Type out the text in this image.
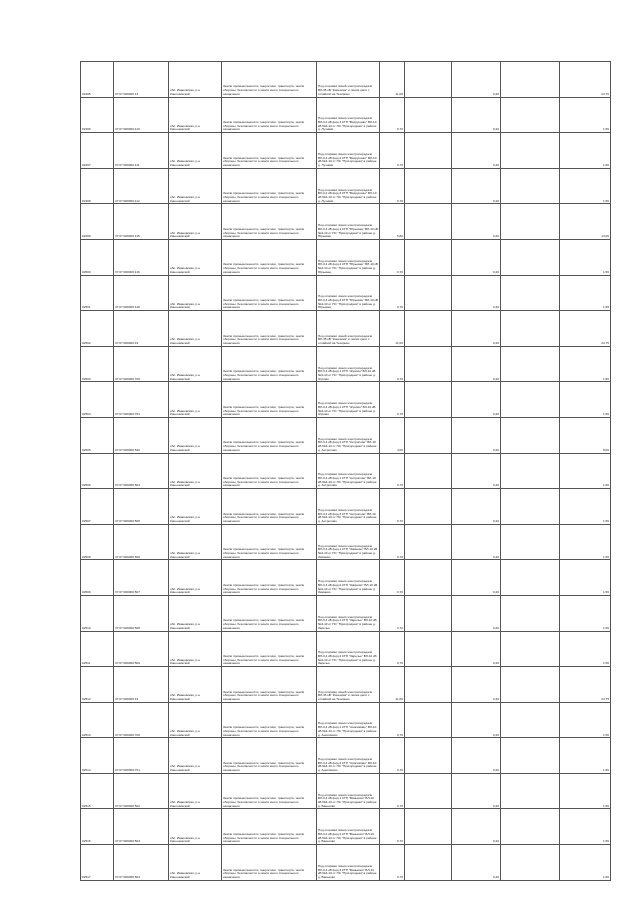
02495	37:07:000000:13	обл. Ивановская, р-н Кинешемский	Земли промышленности, энергетики, транспорта, земли обороны, безопасности и земли иного специального назначения	Под опорами линий электропередачи ВЛ-35 кВ "Кинешма" и линия цепи с отпайкой на Тезирево	11,00		0,20		24,70
02496	37:07:000000:110	обл. Ивановская, р-н Кинешемский	Земли промышленности, энергетики, транспорта, земли обороны, безопасности и земли иного специального назначения	Под опорами линии электропередачи ВЛ-0,4 кВ фид.4 КТП "Вахрушево" ВЛ-10 кВ №4-10 от ПС "Пригородная" в районе д. Лучники	0,70		0,20		1,56
02497	37:07:000000:111	обл. Ивановская, р-н Кинешемский	Земли промышленности, энергетики, транспорта, земли обороны, безопасности и земли иного специального назначения	Под опорами линии электропередачи ВЛ-0,4 кВ фид.2 КТП "Вахрушево" ВЛ-10 кВ №4-10 от ПС "Пригородная" в районе д. Лучники	0,70		0,20		1,56
02498	37:07:000000:112	обл. Ивановская, р-н Кинешемский	Земли промышленности, энергетики, транспорта, земли обороны, безопасности и земли иного специального назначения	Под опорами линии электропередачи ВЛ-0,4 кВ фид.3 КТП "Вахрушево" ВЛ-10 кВ №4-10 от ПС "Пригородная" в районе д. Лучники	0,70		0,20		1,56
02499	37:07:000000:115	обл. Ивановская, р-н Кинешемский	Земли промышленности, энергетики, транспорта, земли обороны, безопасности и земли иного специального назначения	Под опорами линии электропередачи ВЛ-0,4 кВ фид.1 КТП "Юрьевец" ВЛ-10 кВ №4-10 от ПС "Пригородная" в районе д. Юрьевец	5,80		0,20		13,05
02500	37:07:000000:116	обл. Ивановская, р-н Кинешемский	Земли промышленности, энергетики, транспорта, земли обороны, безопасности и земли иного специального назначения	Под опорами линии электропередачи ВЛ-0,4 кВ фид.2 КТП "Юрьевец" ВЛ-10 кВ №4-10 от ПС "Пригородная" в районе д. Юрьевец	0,70		0,20		1,56
02501	37:07:000000:118	обл. Ивановская, р-н Кинешемский	Земли промышленности, энергетики, транспорта, земли обороны, безопасности и земли иного специального назначения	Под опорами линии электропередачи ВЛ-0,4 кВ фид.3 КТП "Юрьевец" ВЛ-10 кВ №4-10 от ПС "Пригородная" в районе д. Юрьевец	0,70		0,20		1,56
02502	37:07:000000:19	обл. Ивановская, р-н Кинешемский	Земли промышленности, энергетики, транспорта, земли обороны, безопасности и земли иного специального назначения	Под опорами линий электропередачи ВЛ-35 кВ "Кинешма" и линия цепи с отпайкой на Тезирево	11,00		0,20		24,75
02503	37:07:000000:700	обл. Ивановская, р-н Кинешемский	Земли промышленности, энергетики, транспорта, земли обороны, безопасности и земли иного специального назначения	Под опорами линии электропередачи ВЛ-0,4 кВ фид.1 КТП "Жуково" ВЛ-10 кВ №4-10 от ПС "Пригородная" в районе д. Жуково	0,70		0,20		1,56
02504	37:07:000000:701	обл. Ивановская, р-н Кинешемский	Земли промышленности, энергетики, транспорта, земли обороны, безопасности и земли иного специального назначения	Под опорами линии электропередачи ВЛ-0,4 кВ фид.1 КТП "Жуково" ВЛ-10 кВ №4-10 от ПС "Пригородная" в районе д. Жуково	0,70		0,20		1,56
02505	37:07:000000:520	обл. Ивановская, р-н Кинешемский	Земли промышленности, энергетики, транспорта, земли обороны, безопасности и земли иного специального назначения	Под опорами линии электропередачи ВЛ-0,4 кВ фид.2 КТП "Антропово" ВЛ-10 кВ №4-10 от ПС "Пригородная" в районе д. Антропово	4,00		0,20		9,00
02506	37:07:000000:504	обл. Ивановская, р-н Кинешемский	Земли промышленности, энергетики, транспорта, земли обороны, безопасности и земли иного специального назначения	Под опорами линии электропередачи ВЛ-0,4 кВ фид.1 КТП "Антропово" ВЛ-10 кВ №4-10 от ПС "Пригородная" в районе д. Антропово	0,70		0,20		1,56
02507	37:07:000000:505	обл. Ивановская, р-н Кинешемский	Земли промышленности, энергетики, транспорта, земли обороны, безопасности и земли иного специального назначения	Под опорами линии электропередачи ВЛ-0,4 кВ фид.3 КТП "Антропово" ВЛ-10 кВ №4-10 от ПС "Пригородная" в районе д. Антропово	0,70		0,20		1,56
02508	37:07:000000:506	обл. Ивановская, р-н Кинешемский	Земли промышленности, энергетики, транспорта, земли обороны, безопасности и земли иного специального назначения	Под опорами линии электропередачи ВЛ-0,4 кВ фид.1 КТП "Зимнево" ВЛ-10 кВ №4-10 от ПС "Пригородная" в районе д. Зимнево	0,70		0,20		1,56
02509	37:07:000000:507	обл. Ивановская, р-н Кинешемский	Земли промышленности, энергетики, транспорта, земли обороны, безопасности и земли иного специального назначения	Под опорами линии электропередачи ВЛ-0,4 кВ фид.2 КТП "Зимнево" ВЛ-10 кВ №4-10 от ПС "Пригородная" в районе д. Зимнево	0,70		0,20		1,56
02510	37:07:000000:508	обл. Ивановская, р-н Кинешемский	Земли промышленности, энергетики, транспорта, земли обороны, безопасности и земли иного специального назначения	Под опорами линии электропередачи ВЛ-0,4 кВ фид.1 КТП "Заречье" ВЛ-10 кВ №4-10 от ПС "Пригородная" в районе д. Заречье	0,70		0,20		1,56
02511	37:07:000000:509	обл. Ивановская, р-н Кинешемский	Земли промышленности, энергетики, транспорта, земли обороны, безопасности и земли иного специального назначения	Под опорами линии электропередачи ВЛ-0,4 кВ фид.2 КТП "Заречье" ВЛ-10 кВ №4-10 от ПС "Пригородная" в районе д. Заречье	0,70		0,20		1,56
02512	37:07:000000:19	обл. Ивановская, р-н Кинешемский	Земли промышленности, энергетики, транспорта, земли обороны, безопасности и земли иного специального назначения	Под опорами линий электропередачи ВЛ-35 кВ "Кинешма" и линия цепи с отпайкой на Тезирево	11,00		0,20		24,75
02513	37:07:000000:700	обл. Ивановская, р-н Кинешемский	Земли промышленности, энергетики, транспорта, земли обороны, безопасности и земли иного специального назначения	Под опорами линии электропередачи ВЛ-0,4 кВ фид.1 КТП "Анисимово" ВЛ-10 кВ №4-10 от ПС "Пригородная" в районе д. Анисимово	0,70		0,20		1,56
02514	37:07:000000:701	обл. Ивановская, р-н Кинешемский	Земли промышленности, энергетики, транспорта, земли обороны, безопасности и земли иного специального назначения	Под опорами линии электропередачи ВЛ-0,4 кВ фид.2 КТП "Анисимово" ВЛ-10 кВ №4-10 от ПС "Пригородная" в районе д. Анисимово	0,70		0,20		1,56
02515	37:07:000000:502	обл. Ивановская, р-н Кинешемский	Земли промышленности, энергетики, транспорта, земли обороны, безопасности и земли иного специального назначения	Под опорами линии электропередачи ВЛ-0,4 кВ фид.1 КТП "Ваньково" ВЛ-10 кВ №4-10 от ПС "Пригородная" в районе д. Ваньково	0,70		0,20		1,56
02516	37:07:000000:503	обл. Ивановская, р-н Кинешемский	Земли промышленности, энергетики, транспорта, земли обороны, безопасности и земли иного специального назначения	Под опорами линии электропередачи ВЛ-0,4 кВ фид.2 КТП "Ваньково" ВЛ-10 кВ №4-10 от ПС "Пригородная" в районе д. Ваньково	0,70		0,20		1,56
02517	37:07:000000:504	обл. Ивановская, р-н Кинешемский	Земли промышленности, энергетики, транспорта, земли обороны, безопасности и земли иного специального назначения	Под опорами линии электропередачи ВЛ-0,4 кВ фид.3 КТП "Ваньково" ВЛ-10 кВ №4-10 от ПС "Пригородная" в районе д. Ваньково	0,70		0,20		1,56
